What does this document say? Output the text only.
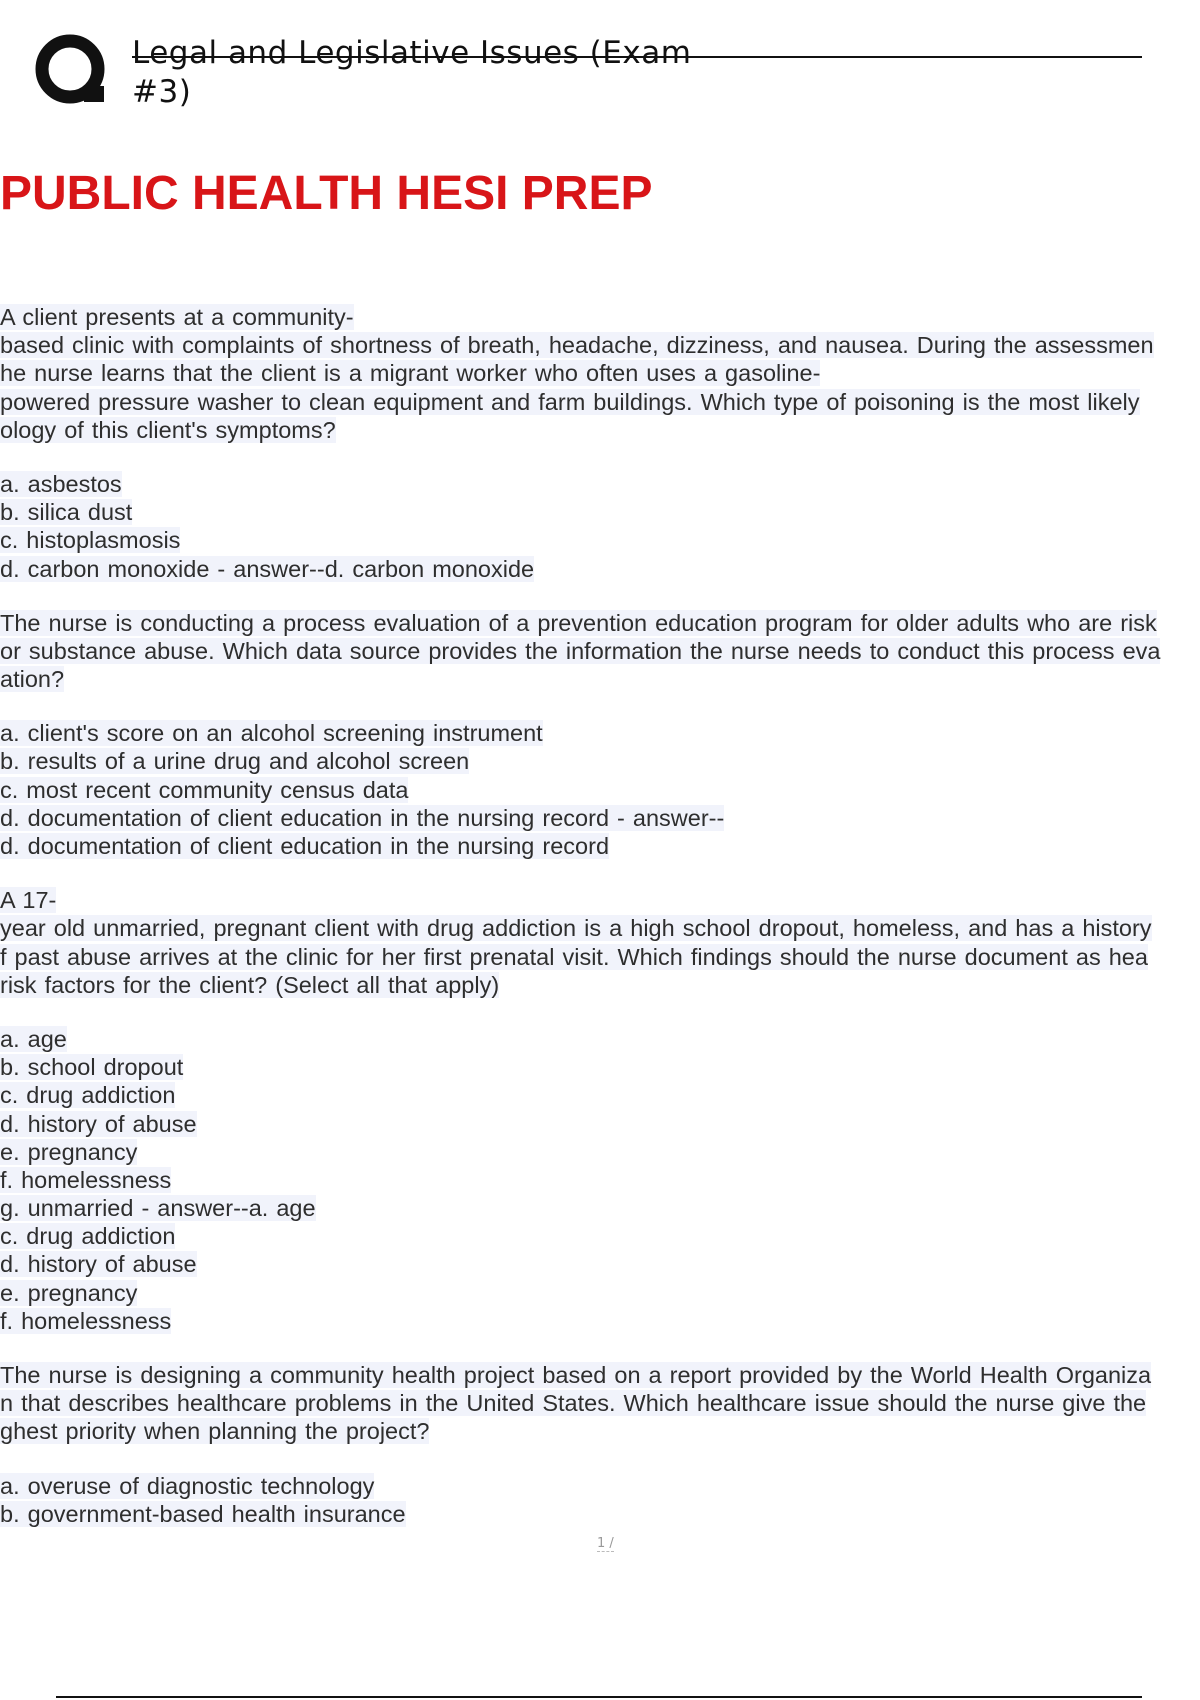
Legal and Legislative Issues (Exam #3)
PUBLIC HEALTH HESI PREP
A client presents at a community-
based clinic with complaints of shortness of breath, headache, dizziness, and nausea. During the assessmen
he nurse learns that the client is a migrant worker who often uses a gasoline-
powered pressure washer to clean equipment and farm buildings. Which type of poisoning is the most likely
ology of this client's symptoms?
a. asbestos
b. silica dust
c. histoplasmosis
d. carbon monoxide - answer--d. carbon monoxide
The nurse is conducting a process evaluation of a prevention education program for older adults who are risk
or substance abuse. Which data source provides the information the nurse needs to conduct this process eva
ation?
a. client's score on an alcohol screening instrument
b. results of a urine drug and alcohol screen
c. most recent community census data
d. documentation of client education in the nursing record - answer--
d. documentation of client education in the nursing record
A 17-
year old unmarried, pregnant client with drug addiction is a high school dropout, homeless, and has a history
f past abuse arrives at the clinic for her first prenatal visit. Which findings should the nurse document as hea
risk factors for the client? (Select all that apply)
a. age
b. school dropout
c. drug addiction
d. history of abuse
e. pregnancy
f. homelessness
g. unmarried - answer--a. age
c. drug addiction
d. history of abuse
e. pregnancy
f. homelessness
The nurse is designing a community health project based on a report provided by the World Health Organiza
n that describes healthcare problems in the United States. Which healthcare issue should the nurse give the
ghest priority when planning the project?
a. overuse of diagnostic technology
b. government-based health insurance
1 /
